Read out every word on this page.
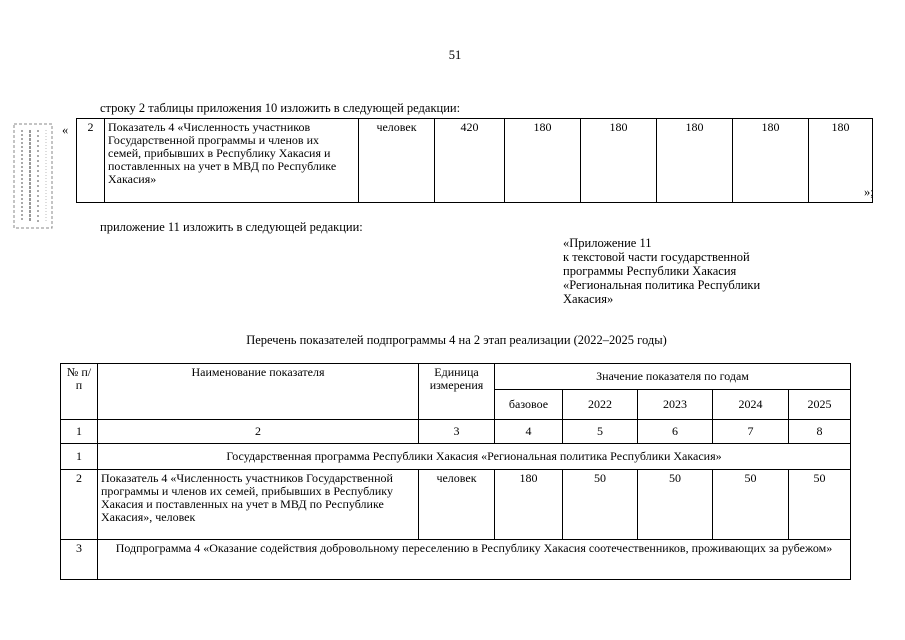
51
строку 2 таблицы приложения 10 изложить в следующей редакции:
« 2	Показатель 4 «Численность участников Государственной программы и членов их семей, прибывших в Республику Хакасия и поставленных на учет в МВД по Республике Хакасия»	человек	420	180	180	180	180	180
»;
приложение 11 изложить в следующей редакции:
«Приложение 11
к текстовой части государственной
программы Республики Хакасия
«Региональная политика Республики
Хакасия»
Перечень показателей подпрограммы 4 на 2 этап реализации (2022–2025 годы)
№ п/п	Наименование показателя	Единица измерения	Значение показателя по годам				
			базовое	2022	2023	2024	2025
1	2	3	4	5	6	7	8
1	Государственная программа Республики Хакасия «Региональная политика Республики Хакасия»						
2	Показатель 4 «Численность участников Государственной программы и членов их семей, прибывших в Республику Хакасия и поставленных на учет в МВД по Республике Хакасия», человек	человек	180	50	50	50	50
3	Подпрограмма 4 «Оказание содействия добровольному переселению в Республику Хакасия соотечественников, проживающих за рубежом»						
